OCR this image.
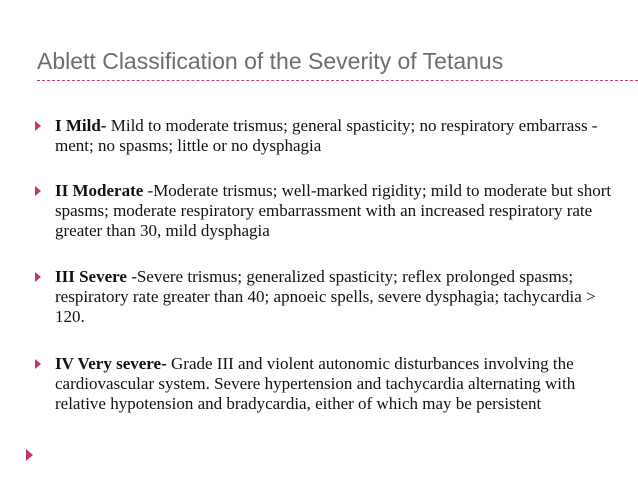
Ablett Classification of the Severity of Tetanus
I Mild- Mild to moderate trismus; general spasticity; no respiratory embarrass - ment; no spasms; little or no dysphagia
II Moderate -Moderate trismus; well-marked rigidity; mild to moderate but short spasms; moderate respiratory embarrassment with an increased respiratory rate greater than 30, mild dysphagia
III Severe -Severe trismus; generalized spasticity; reflex prolonged spasms; respiratory rate greater than 40; apnoeic spells, severe dysphagia; tachycardia > 120.
IV Very severe- Grade III and violent autonomic disturbances involving the cardiovascular system. Severe hypertension and tachycardia alternating with relative hypotension and bradycardia, either of which may be persistent
